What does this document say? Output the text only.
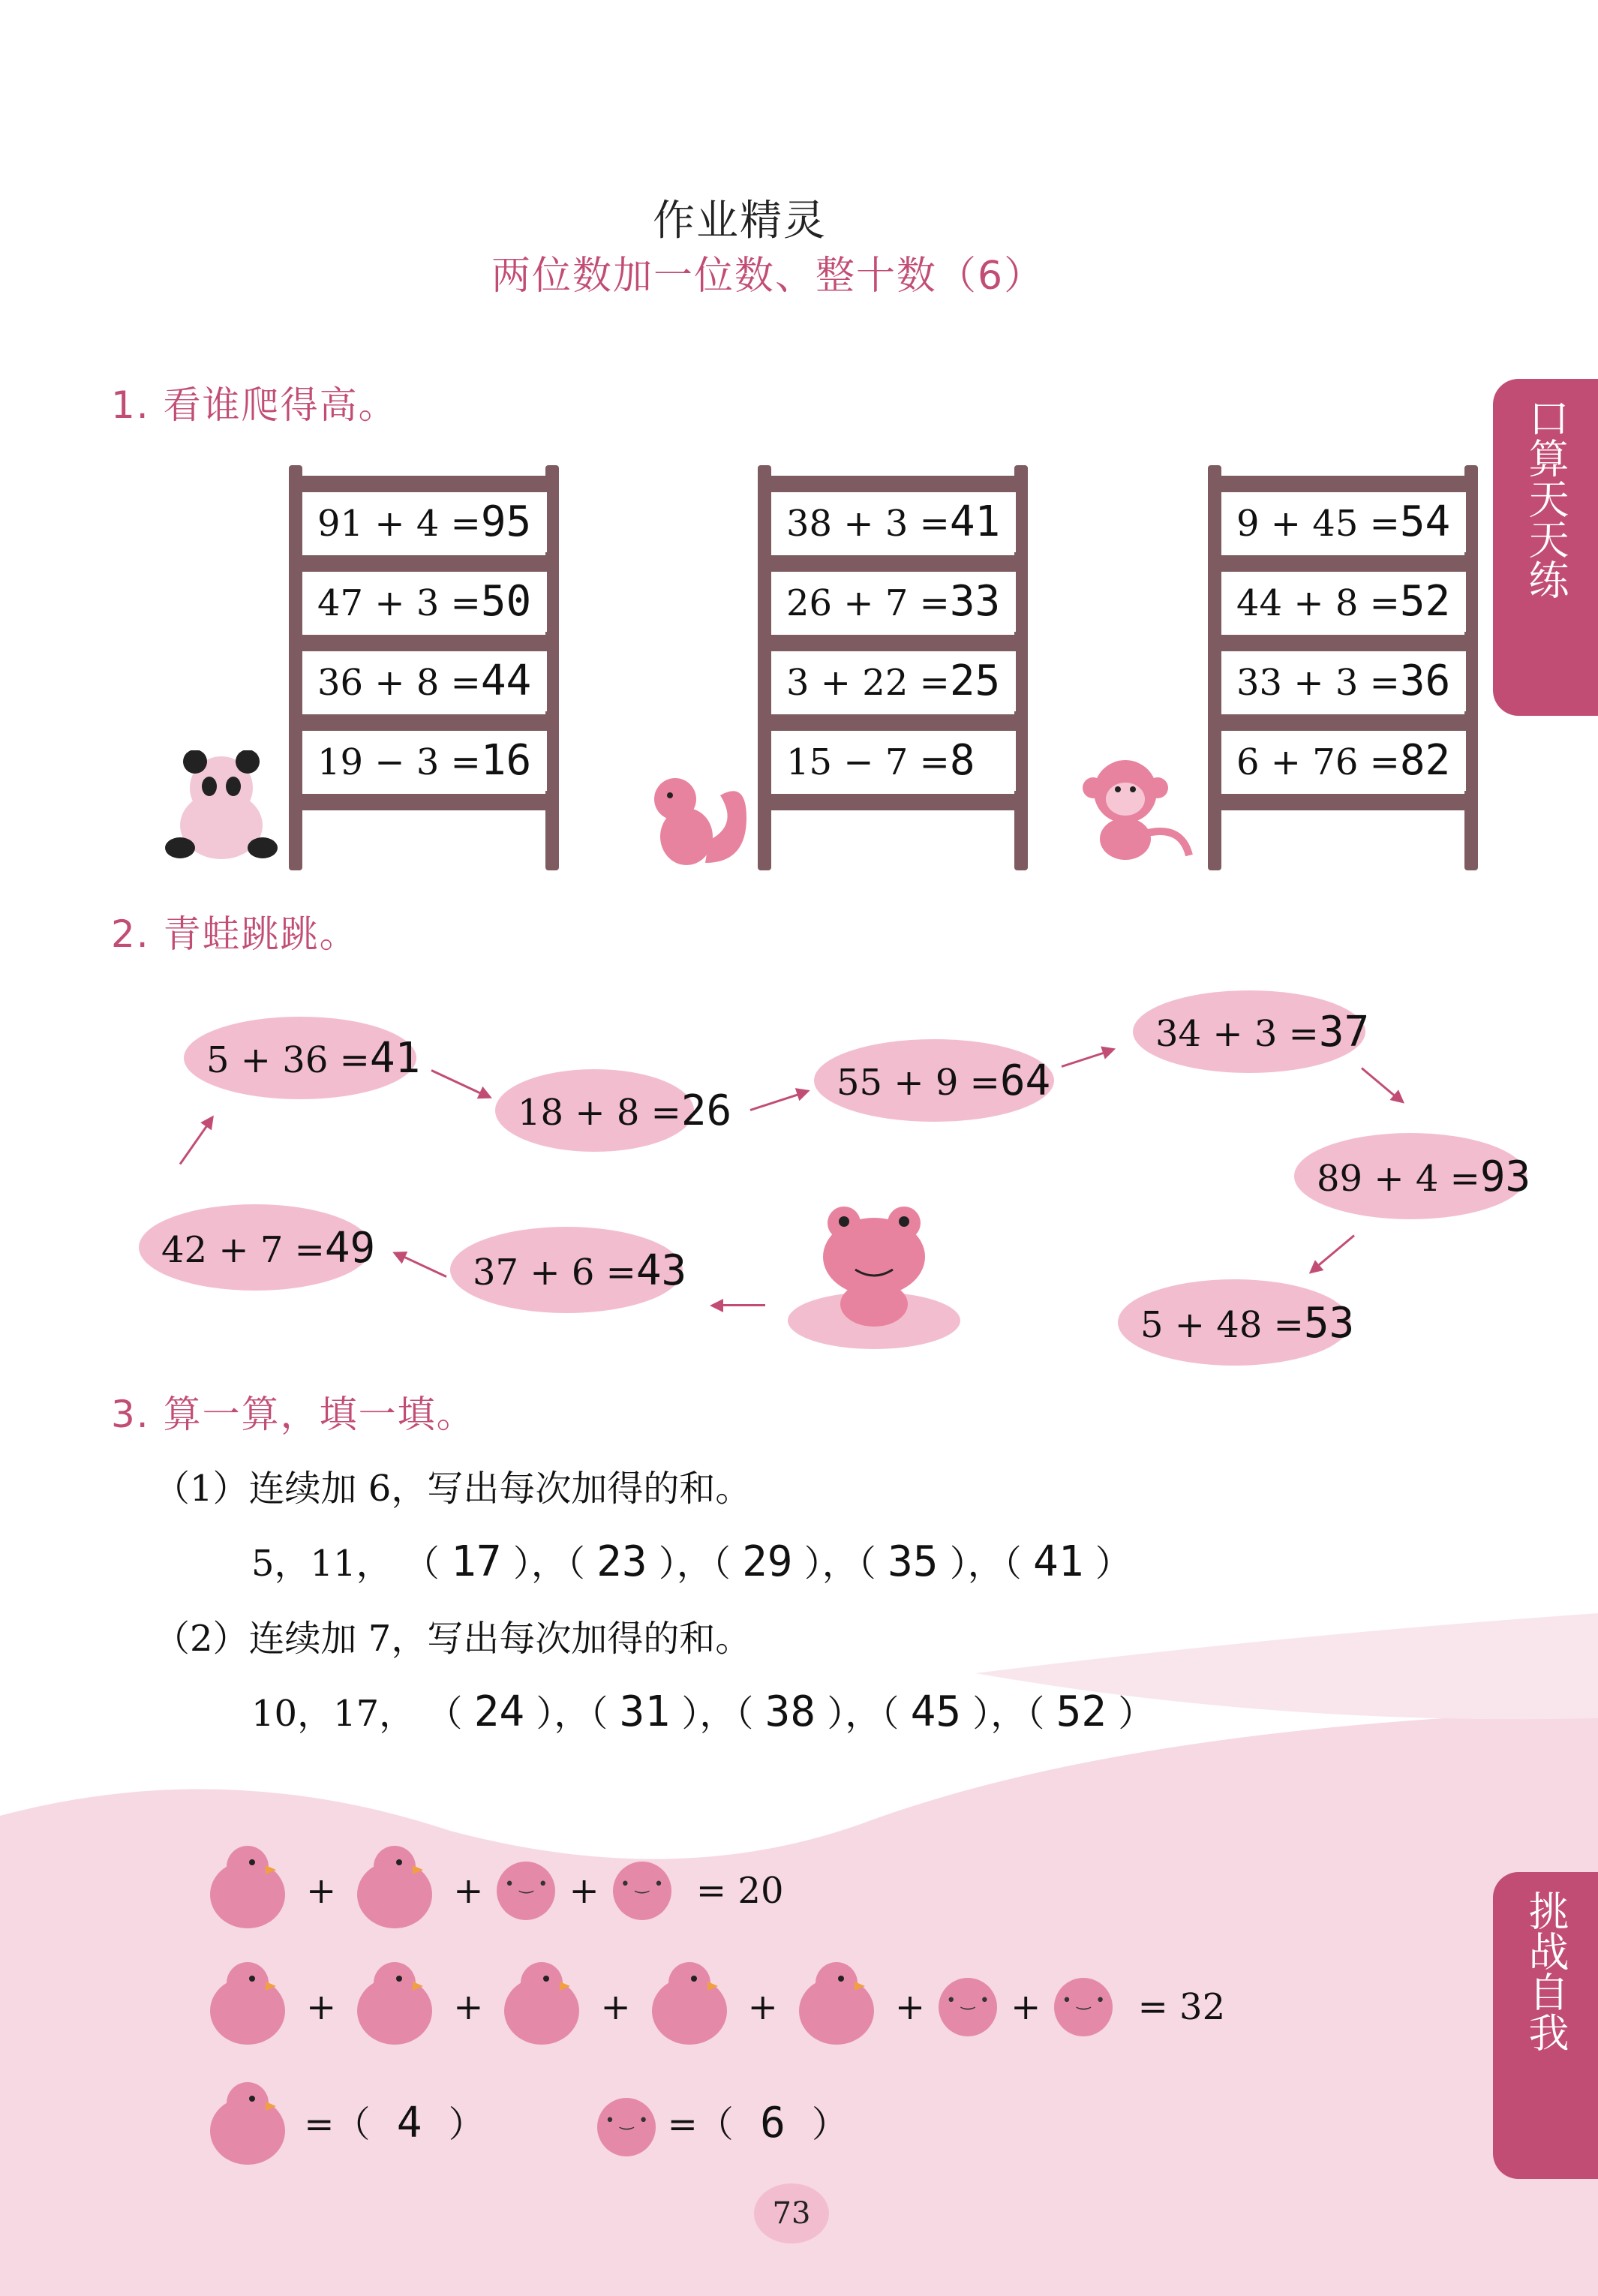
作业精灵
两位数加一位数、整十数（6）
口算天天练
挑战自我
1. 看谁爬得高。
91 + 4 =95
47 + 3 =50
36 + 8 =44
19 − 3 =16
38 + 3 =41
26 + 7 =33
3 + 22 =25
15 − 7 =8
9 + 45 =54
44 + 8 =52
33 + 3 =36
6 + 76 =82
2. 青蛙跳跳。
5 + 36 =41
18 + 8 =26
55 + 9 =64
34 + 3 =37
89 + 4 =93
5 + 48 =53
37 + 6 =43
42 + 7 =49
3. 算一算，填一填。
（1）连续加 6，写出每次加得的和。
5，11， （ 17 ），（ 23 ），（ 29 ），（ 35 ），（ 41 ）
（2）连续加 7，写出每次加得的和。
10，17， （ 24 ），（ 31 ），（ 38 ），（ 45 ），（ 52 ）
+	+ • ‿ • + • ‿ •	= 20
+	+	+	+	+ • ‿ • + • ‿ •	= 32
=（ 4 ） • ‿ •	=（ 6 ）
73
